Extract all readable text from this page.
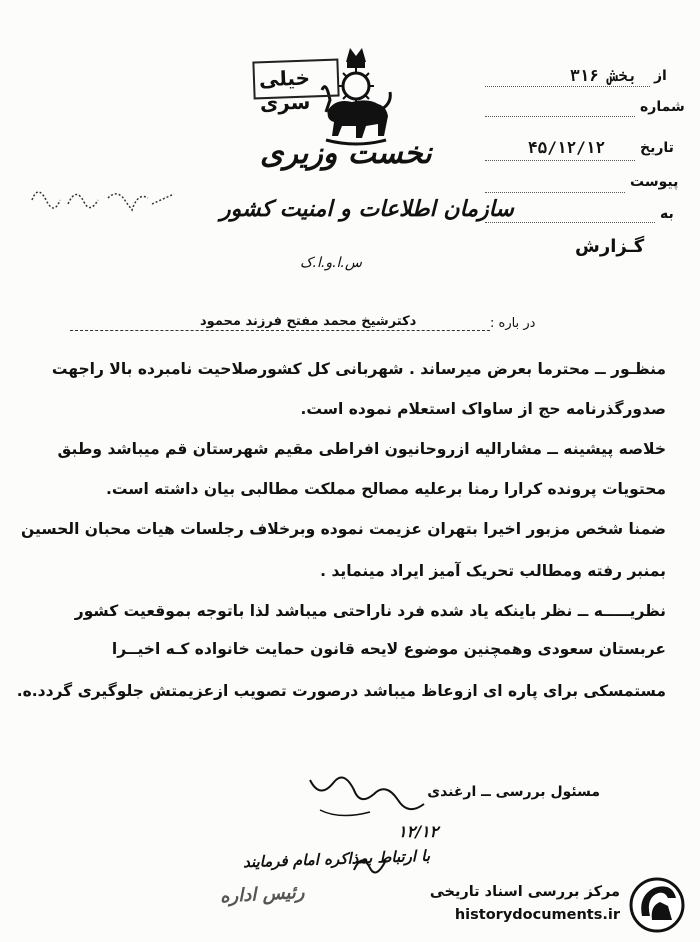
خیلی سری
نخست وزیری
سازمان اطلاعات و امنیت کشور
س.ا.و.ا.ک
از
بخش ۳۱۶
شماره
تاریخ
۴۵/۱۲/۱۲
پیوست
به
گـزارش
در باره :
دکترشیخ محمد مفتح فرزند محمود
منظـور ــ محترما بعرض میرساند . شهربانی کل کشورصلاحیت نامبرده بالا راجهت
صدورگذرنامه حج از ساواک استعلام نموده است.
خلاصه پیشینه ــ مشارالیه ازروحانیون افراطی مقیم شهرستان قم میباشد وطبق
محتویات پرونده کرارا رمنا برعلیه مصالح مملکت مطالبی بیان داشته است.
ضمنا شخص مزبور اخیرا بتهران عزیمت نموده وبرخلاف رجلسات هیات محبان الحسین
بمنبر رفته ومطالب تحریک آمیز ایراد مینماید .
نظریـــــه ــ نظر باینکه یاد شده فرد ناراحتی میباشد لذا باتوجه بموقعیت کشور
عربستان سعودی وهمچنین موضوع لایحه قانون حمایت خانواده کـه اخیــرا
مستمسکی برای پاره ای ازوعاظ میباشد درصورت تصویب ازعزیمتش جلوگیری گردد.ه.
مسئول بررسی ــ ارغندی
۱۲/۱۲
با ارتباط بمذاکره امام فرمایند
رئیس اداره	مرکز بررسی اسناد تاریخی
historydocuments.ir
